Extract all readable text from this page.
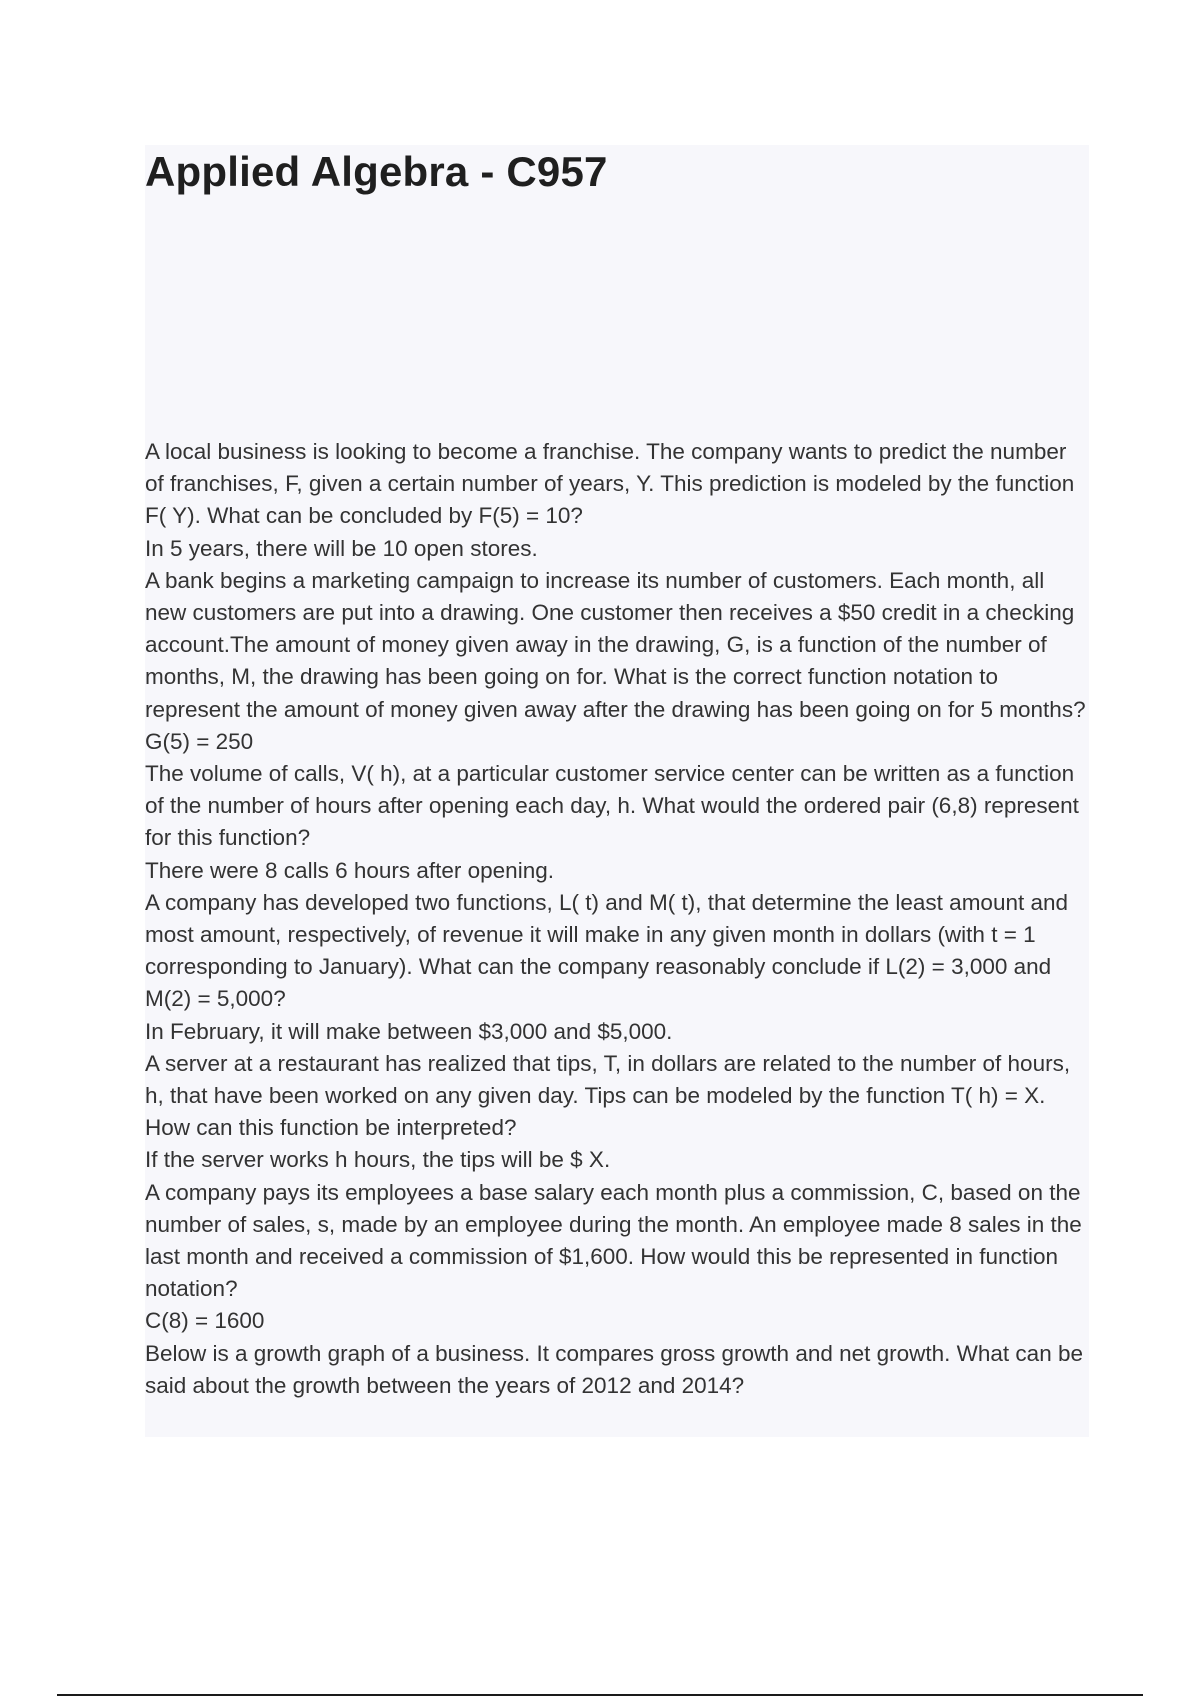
Applied Algebra - C957

A local business is looking to become a franchise. The company wants to predict the number of franchises, F, given a certain number of years, Y. This prediction is modeled by the function F( Y). What can be concluded by F(5) = 10?

In 5 years, there will be 10 open stores.

A bank begins a marketing campaign to increase its number of customers. Each month, all new customers are put into a drawing. One customer then receives a $50 credit in a checking account.The amount of money given away in the drawing, G, is a function of the number of months, M, the drawing has been going on for. What is the correct function notation to represent the amount of money given away after the drawing has been going on for 5 months?

G(5) = 250

The volume of calls, V( h), at a particular customer service center can be written as a function of the number of hours after opening each day, h. What would the ordered pair (6,8) represent for this function?

There were 8 calls 6 hours after opening.

A company has developed two functions, L( t) and M( t), that determine the least amount and most amount, respectively, of revenue it will make in any given month in dollars (with t = 1 corresponding to January). What can the company reasonably conclude if L(2) = 3,000 and M(2) = 5,000?

In February, it will make between $3,000 and $5,000.

A server at a restaurant has realized that tips, T, in dollars are related to the number of hours, h, that have been worked on any given day. Tips can be modeled by the function T( h) = X. How can this function be interpreted?

If the server works h hours, the tips will be $ X.

A company pays its employees a base salary each month plus a commission, C, based on the number of sales, s, made by an employee during the month. An employee made 8 sales in the last month and received a commission of $1,600. How would this be represented in function notation?

C(8) = 1600

Below is a growth graph of a business. It compares gross growth and net growth. What can be said about the growth between the years of 2012 and 2014?
